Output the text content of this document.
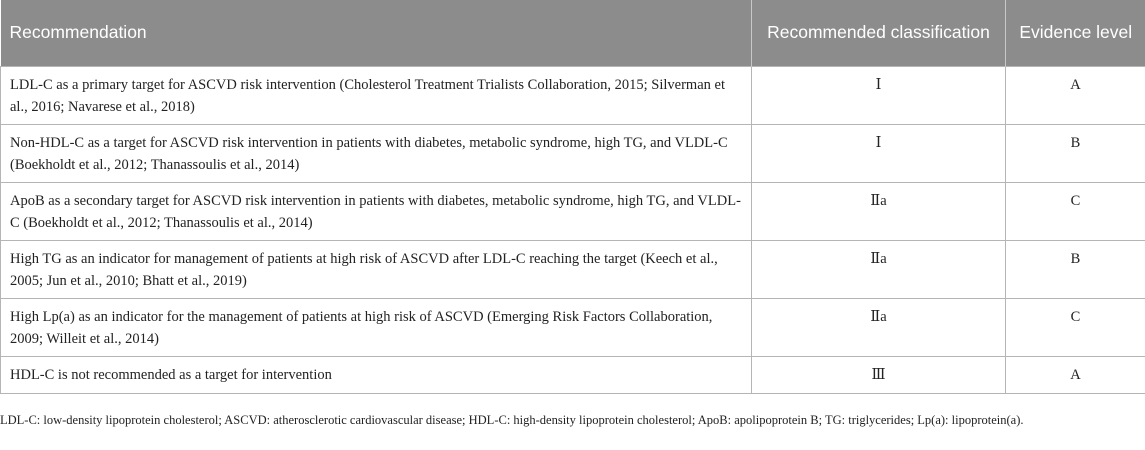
Recommendation	Recommended classification	Evidence level
LDL-C as a primary target for ASCVD risk intervention (Cholesterol Treatment Trialists Collaboration, 2015; Silverman et al., 2016; Navarese et al., 2018)	Ⅰ	A
Non-HDL-C as a target for ASCVD risk intervention in patients with diabetes, metabolic syndrome, high TG, and VLDL-C (Boekholdt et al., 2012; Thanassoulis et al., 2014)	Ⅰ	B
ApoB as a secondary target for ASCVD risk intervention in patients with diabetes, metabolic syndrome, high TG, and VLDL-C (Boekholdt et al., 2012; Thanassoulis et al., 2014)	Ⅱa	C
High TG as an indicator for management of patients at high risk of ASCVD after LDL-C reaching the target (Keech et al., 2005; Jun et al., 2010; Bhatt et al., 2019)	Ⅱa	B
High Lp(a) as an indicator for the management of patients at high risk of ASCVD (Emerging Risk Factors Collaboration, 2009; Willeit et al., 2014)	Ⅱa	C
HDL-C is not recommended as a target for intervention	Ⅲ	A
LDL-C: low-density lipoprotein cholesterol; ASCVD: atherosclerotic cardiovascular disease; HDL-C: high-density lipoprotein cholesterol; ApoB: apolipoprotein B; TG: triglycerides; Lp(a): lipoprotein(a).
